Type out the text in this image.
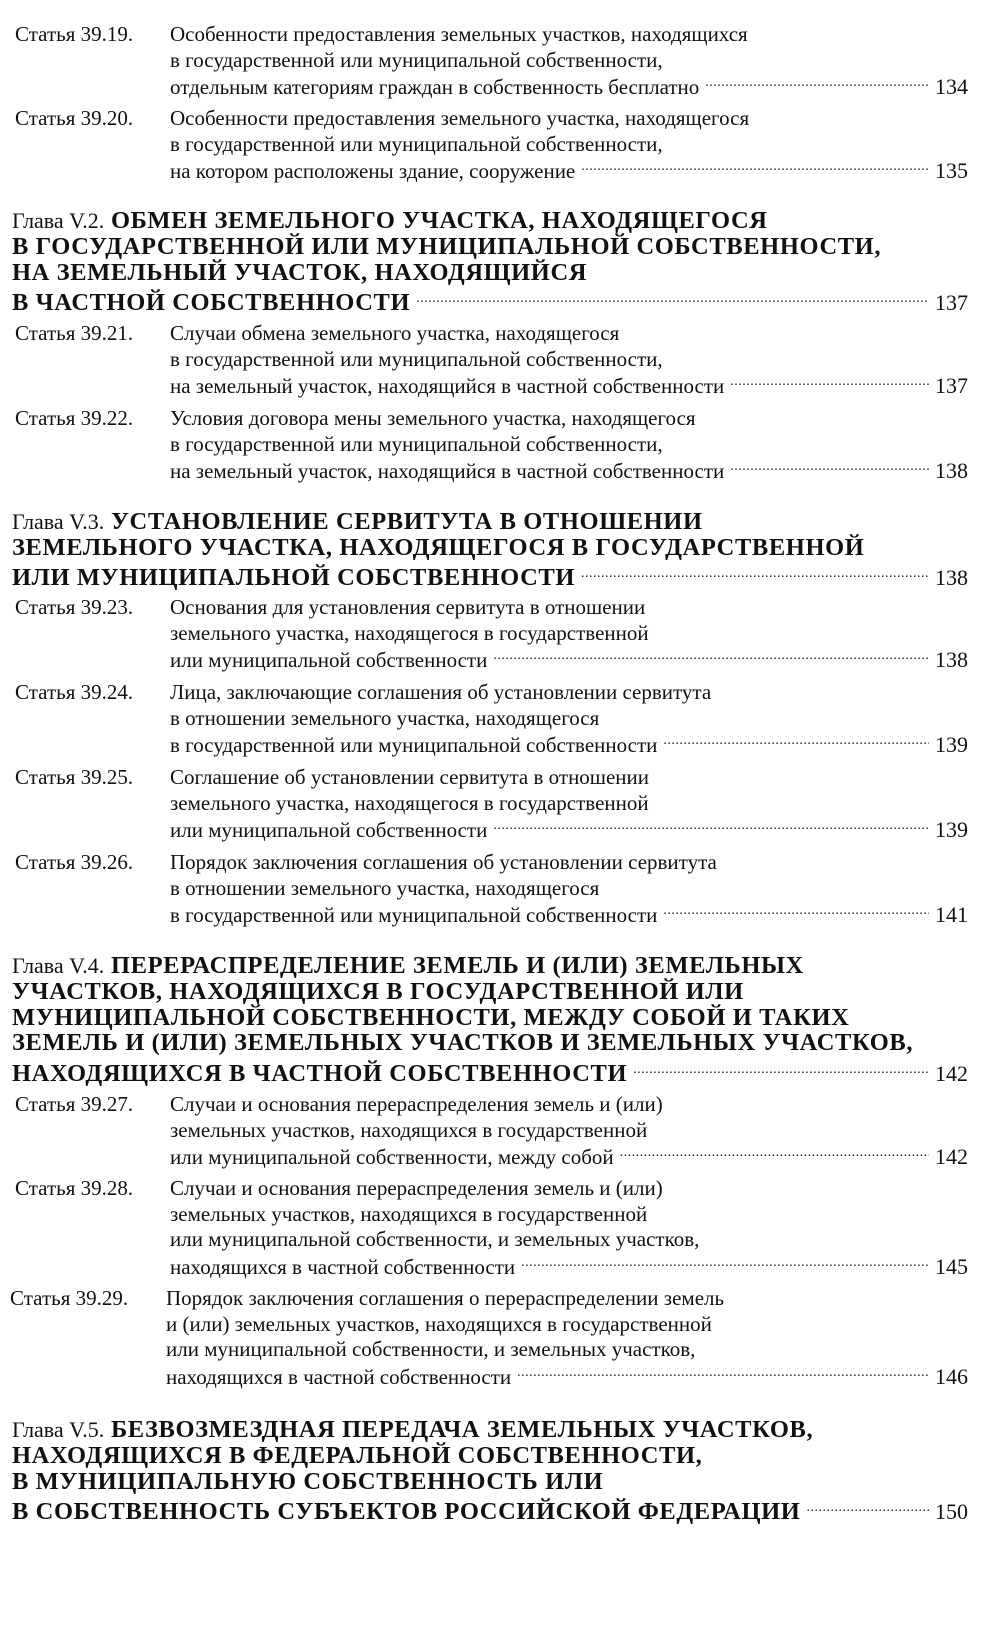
Статья 39.19. Особенности предоставления земельных участков, находящихся
в государственной или муниципальной собственности,
отдельным категориям граждан в собственность бесплатно .....	134
Статья 39.20. Особенности предоставления земельного участка, находящегося
в государственной или муниципальной собственности,
на котором расположены здание, сооружение .....	135
Глава V.2. ОБМЕН ЗЕМЕЛЬНОГО УЧАСТКА, НАХОДЯЩЕГОСЯ
В ГОСУДАРСТВЕННОЙ ИЛИ МУНИЦИПАЛЬНОЙ СОБСТВЕННОСТИ,
НА ЗЕМЕЛЬНЫЙ УЧАСТОК, НАХОДЯЩИЙСЯ
В ЧАСТНОЙ СОБСТВЕННОСТИ .....	137
Статья 39.21. Случаи обмена земельного участка, находящегося
в государственной или муниципальной собственности,
на земельный участок, находящийся в частной собственности .....	137
Статья 39.22. Условия договора мены земельного участка, находящегося
в государственной или муниципальной собственности,
на земельный участок, находящийся в частной собственности .....	138
Глава V.3. УСТАНОВЛЕНИЕ СЕРВИТУТА В ОТНОШЕНИИ
ЗЕМЕЛЬНОГО УЧАСТКА, НАХОДЯЩЕГОСЯ В ГОСУДАРСТВЕННОЙ
ИЛИ МУНИЦИПАЛЬНОЙ СОБСТВЕННОСТИ .....	138
Статья 39.23. Основания для установления сервитута в отношении
земельного участка, находящегося в государственной
или муниципальной собственности .....	138
Статья 39.24. Лица, заключающие соглашения об установлении сервитута
в отношении земельного участка, находящегося
в государственной или муниципальной собственности .....	139
Статья 39.25. Соглашение об установлении сервитута в отношении
земельного участка, находящегося в государственной
или муниципальной собственности .....	139
Статья 39.26. Порядок заключения соглашения об установлении сервитута
в отношении земельного участка, находящегося
в государственной или муниципальной собственности .....	141
Глава V.4. ПЕРЕРАСПРЕДЕЛЕНИЕ ЗЕМЕЛЬ И (ИЛИ) ЗЕМЕЛЬНЫХ
УЧАСТКОВ, НАХОДЯЩИХСЯ В ГОСУДАРСТВЕННОЙ ИЛИ
МУНИЦИПАЛЬНОЙ СОБСТВЕННОСТИ, МЕЖДУ СОБОЙ И ТАКИХ
ЗЕМЕЛЬ И (ИЛИ) ЗЕМЕЛЬНЫХ УЧАСТКОВ И ЗЕМЕЛЬНЫХ УЧАСТКОВ,
НАХОДЯЩИХСЯ В ЧАСТНОЙ СОБСТВЕННОСТИ .....	142
Статья 39.27. Случаи и основания перераспределения земель и (или)
земельных участков, находящихся в государственной
или муниципальной собственности, между собой .....	142
Статья 39.28. Случаи и основания перераспределения земель и (или)
земельных участков, находящихся в государственной
или муниципальной собственности, и земельных участков,
находящихся в частной собственности .....	145
Статья 39.29. Порядок заключения соглашения о перераспределении земель
и (или) земельных участков, находящихся в государственной
или муниципальной собственности, и земельных участков,
находящихся в частной собственности .....	146
Глава V.5. БЕЗВОЗМЕЗДНАЯ ПЕРЕДАЧА ЗЕМЕЛЬНЫХ УЧАСТКОВ,
НАХОДЯЩИХСЯ В ФЕДЕРАЛЬНОЙ СОБСТВЕННОСТИ,
В МУНИЦИПАЛЬНУЮ СОБСТВЕННОСТЬ ИЛИ
В СОБСТВЕННОСТЬ СУБЪЕКТОВ РОССИЙСКОЙ ФЕДЕРАЦИИ .....	150
